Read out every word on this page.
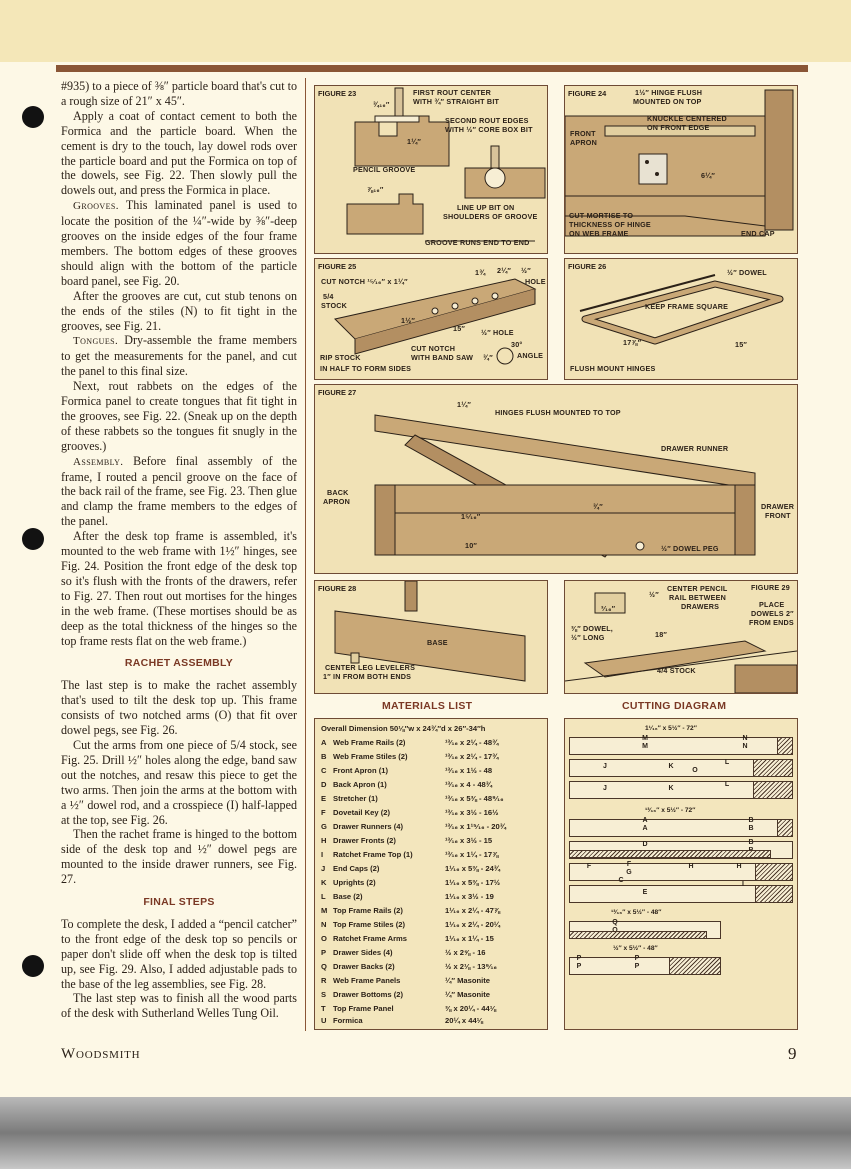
#935) to a piece of ⅜″ particle board that's cut to a rough size of 21″ x 45″.

Apply a coat of contact cement to both the Formica and the particle board. When the cement is dry to the touch, lay dowel rods over the particle board and put the Formica on top of the dowels, see Fig. 22. Then slowly pull the dowels out, and press the Formica in place.

Grooves. This laminated panel is used to locate the position of the ¼″-wide by ⅜″-deep grooves on the inside edges of the four frame members. The bottom edges of these grooves should align with the bottom of the particle board panel, see Fig. 20.

After the grooves are cut, cut stub tenons on the ends of the stiles (N) to fit tight in the grooves, see Fig. 21.

Tongues. Dry-assemble the frame members to get the measurements for the panel, and cut the panel to this final size.

Next, rout rabbets on the edges of the Formica panel to create tongues that fit tight in the grooves, see Fig. 22. (Sneak up on the depth of these rabbets so the tongues fit snugly in the grooves.)

Assembly. Before final assembly of the frame, I routed a pencil groove on the face of the back rail of the frame, see Fig. 23. Then glue and clamp the frame members to the edges of the panel.

After the desk top frame is assembled, it's mounted to the web frame with 1½″ hinges, see Fig. 24. Position the front edge of the desk top so it's flush with the fronts of the drawers, refer to Fig. 27. Then rout out mortises for the hinges in the web frame. (These mortises should be as deep as the total thickness of the hinges so the top frame rests flat on the web frame.)

RACHET ASSEMBLY

The last step is to make the rachet assembly that's used to tilt the desk top up. This frame consists of two notched arms (O) that fit over dowel pegs, see Fig. 26.

Cut the arms from one piece of 5/4 stock, see Fig. 25. Drill ½″ holes along the edge, band saw out the notches, and resaw this piece to get the two arms. Then join the arms at the bottom with a ½″ dowel rod, and a crosspiece (I) half-lapped at the top, see Fig. 26.

Then the rachet frame is hinged to the bottom side of the desk top and ½″ dowel pegs are mounted to the inside drawer runners, see Fig. 27.

FINAL STEPS

To complete the desk, I added a “pencil catcher” to the front edge of the desk top so pencils or paper don't slide off when the desk top is tilted up, see Fig. 29. Also, I added adjustable pads to the base of the leg assemblies, see Fig. 28.

The last step was to finish all the wood parts of the desk with Sutherland Welles Tung Oil.

FIGURE 23	FIRST ROUT CENTER
WITH ¾″ STRAIGHT BIT
SECOND ROUT EDGES
WITH ½″ CORE BOX BIT
PENCIL GROOVE
LINE UP BIT ON
SHOULDERS OF GROOVE
GROOVE RUNS END TO END
¾₁₆″
1¼″
⅞₁₆″
FIGURE 24	1½″ HINGE FLUSH
MOUNTED ON TOP
KNUCKLE CENTERED
ON FRONT EDGE
FRONT
APRON
CUT MORTISE TO
THICKNESS OF HINGE
ON WEB FRAME	END CAP
6¼″
FIGURE 25
CUT NOTCH ¹⁵⁄₁₆″ x 1¼″
5/4
STOCK
HOLE
½″ HOLE
CUT NOTCH
WITH BAND SAW
RIP STOCK
IN HALF TO FORM SIDES
30°
ANGLE
1¾ 2¼″ ½″
15″
1½″
¾″
FIGURE 26
½″ DOWEL
KEEP FRAME SQUARE
FLUSH MOUNT HINGES
17⅞″	15″
FIGURE 27
HINGES FLUSH MOUNTED TO TOP
DRAWER RUNNER
BACK
APRON
DRAWER
FRONT
½″ DOWEL PEG
1¼″
1⁵⁄₁₆″
10″
¾″
FIGURE 28
BASE
CENTER LEG LEVELERS
1″ IN FROM BOTH ENDS
FIGURE 29
CENTER PENCIL
RAIL BETWEEN
DRAWERS	PLACE
DOWELS 2″
FROM ENDS
⅜″ DOWEL,
½″ LONG
4/4 STOCK
½″
18″
³⁄₁₆″
MATERIALS LIST
Overall Dimension 50⅛″w x 24¾″d x 26″-34″h
A Web Frame Rails (2)	¹³⁄₁₆ x 2¼ - 48¾
B Web Frame Stiles (2)	¹³⁄₁₆ x 2¼ - 17¾
C Front Apron (1)	¹³⁄₁₆ x 1½ - 48
D Back Apron (1)	¹³⁄₁₆ x 4 - 48¾
E Stretcher (1)	¹³⁄₁₆ x 5⅜ - 48⁹⁄₁₆
F Dovetail Key (2)	¹³⁄₁₆ x 3½ - 16½
G Drawer Runners (4)	¹³⁄₁₆ x 1¹⁵⁄₁₆ - 20¾
H Drawer Fronts (2)	¹³⁄₁₆ x 3½ - 15
I Ratchet Frame Top (1)	¹³⁄₁₆ x 1¼ - 17⅞
J End Caps (2)	1¹⁄₁₆ x 5⅜ - 24¾
K Uprights (2)	1¹⁄₁₆ x 5⅜ - 17½
L Base (2)	1¹⁄₁₆ x 3½ - 19
M Top Frame Rails (2)	1¹⁄₁₆ x 2¼ - 47⅞
N Top Frame Stiles (2)	1¹⁄₁₆ x 2¼ - 20¼
O Ratchet Frame Arms	1¹⁄₁₆ x 1¼ - 15
P Drawer Sides (4)	½ x 2⅝ - 16
Q Drawer Backs (2)	½ x 2⅛ - 13⁹⁄₁₆
R Web Frame Panels	¼″ Masonite
S Drawer Bottoms (2)	¼″ Masonite
T Top Frame Panel	⅜ x 20¼ - 44⅛
U Formica	20¼ x 44⅛
CUTTING DIAGRAM
1¹⁄₁₆″ x 5½″ - 72″
M
M
N
N
J	K
L
O
J	K
L
¹³⁄₁₆″ x 5½″ - 72″
A
A
B
B
D	B
F	F
G
H	H
E
I
C
¹³⁄₁₆″ x 5½″ - 48″
Q
½″ x 5½″ - 48″
P
P
P
P
Woodsmith	9
